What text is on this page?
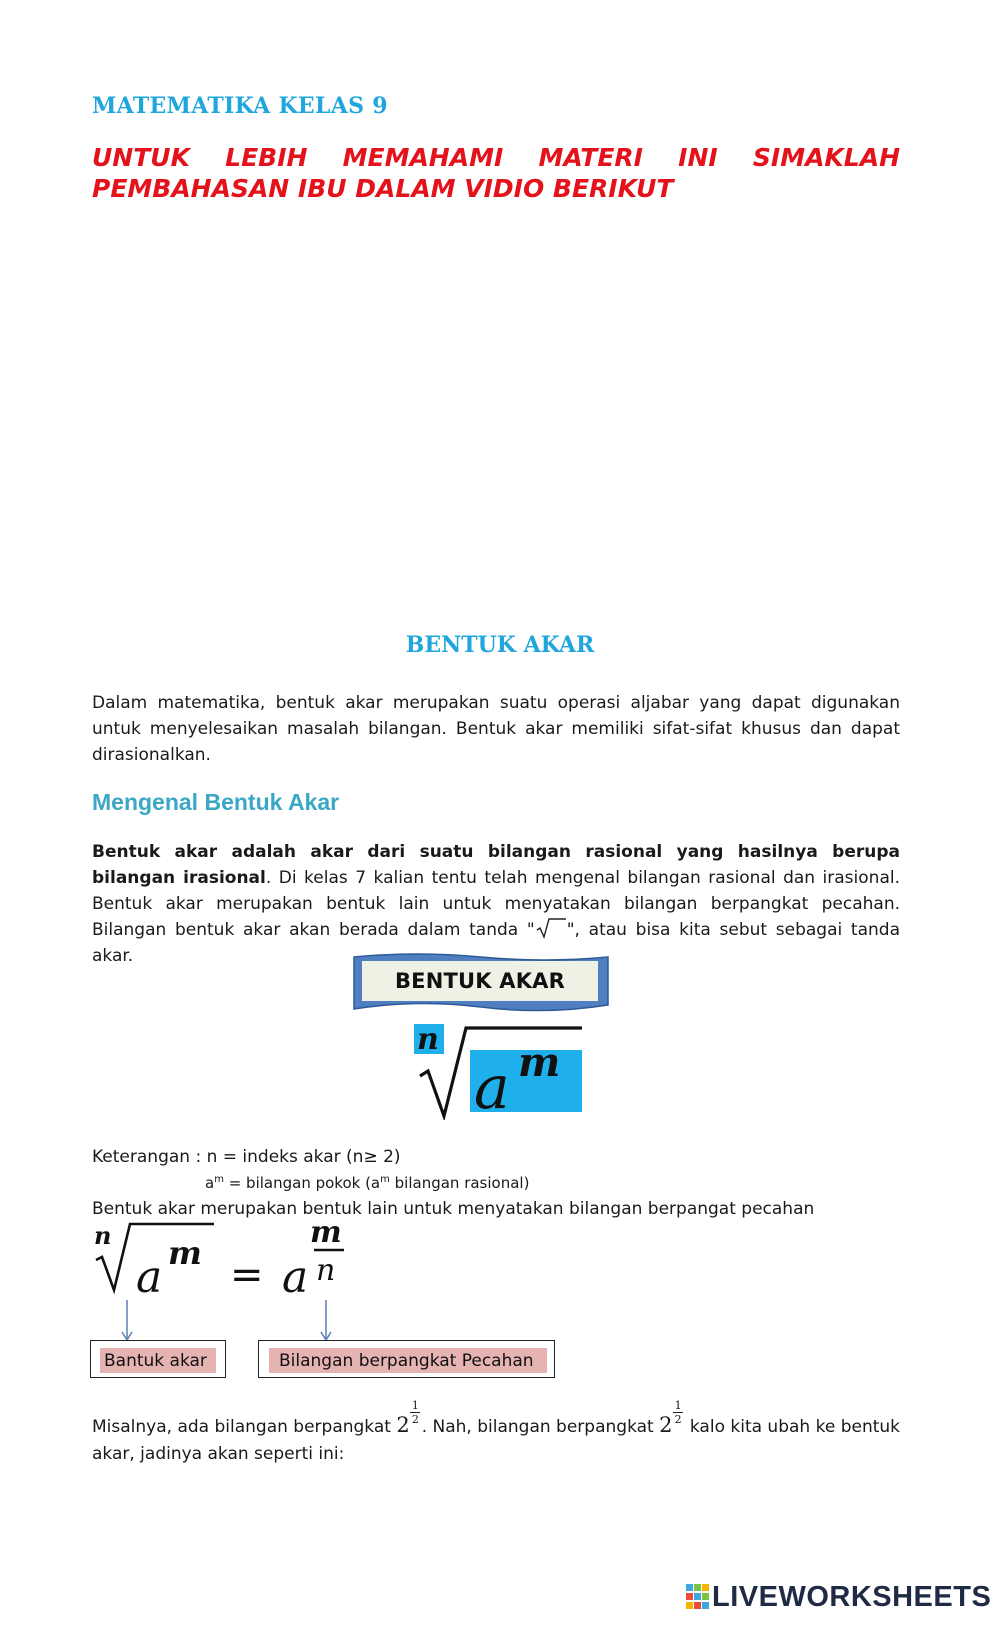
MATEMATIKA KELAS 9
UNTUK LEBIH MEMAHAMI MATERI INI SIMAKLAH
PEMBAHASAN IBU DALAM VIDIO BERIKUT
BENTUK AKAR
Dalam matematika, bentuk akar merupakan suatu operasi aljabar yang dapat digunakan untuk menyelesaikan masalah bilangan. Bentuk akar memiliki sifat-sifat khusus dan dapat dirasionalkan.
Mengenal Bentuk Akar
Bentuk akar adalah akar dari suatu bilangan rasional yang hasilnya berupa bilangan irasional. Di kelas 7 kalian tentu telah mengenal bilangan rasional dan irasional. Bentuk akar merupakan bentuk lain untuk menyatakan bilangan berpangkat pecahan. Bilangan bentuk akar akan berada dalam tanda " ", atau bisa kita sebut sebagai tanda akar.
BENTUK AKAR
n
a m
Keterangan : n = indeks akar (n≥ 2)
$a^m$ = bilangan pokok ($a^m$ bilangan rasional)
Bentuk akar merupakan bentuk lain untuk menyatakan bilangan berpangat pecahan
n
a m = a
m
n
Bantuk akar	Bilangan berpangkat Pecahan
Misalnya, ada bilangan berpangkat 2
1
2 . Nah, bilangan berpangkat 2
1
2 kalo kita ubah ke bentuk akar, jadinya akan seperti ini:
LIVEWORKSHEETS
